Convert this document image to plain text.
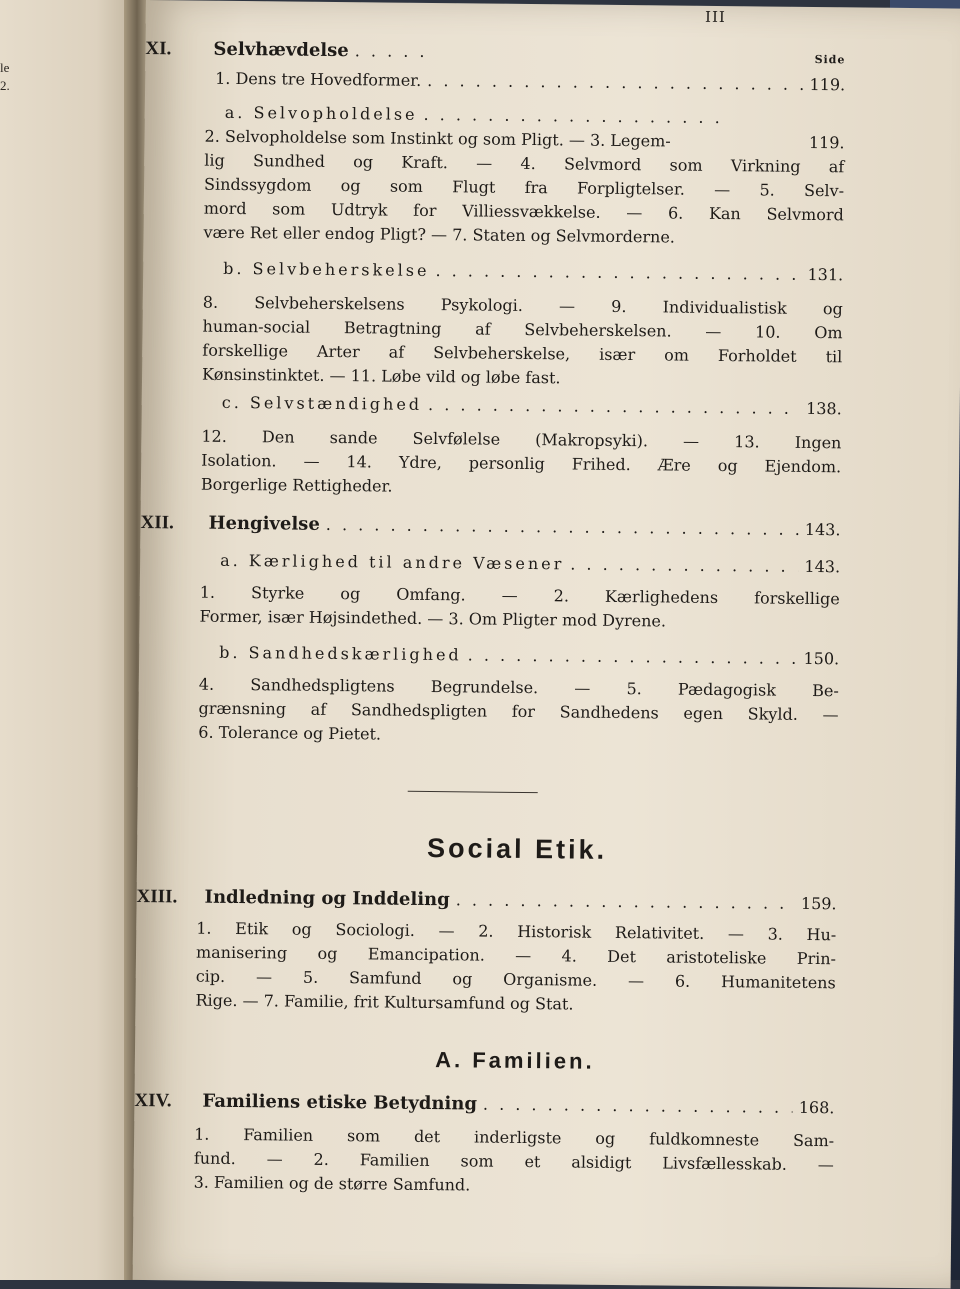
le
2.
III
XI. Selvhævdelse . . .	Side
1. Dens tre Hovedformer. . . .	119.
a. Selvopholdelse
. . .
2. Selvopholdelse som Instinkt og som Pligt. — 3. Legem- . . .	119.
lig Sundhed og Kraft. — 4. Selvmord som Virkning af
Sindssygdom og som Flugt fra Forpligtelser. — 5. Selv-
mord som Udtryk for Villiessvækkelse. — 6. Kan Selvmord
være Ret eller endog Pligt? — 7. Staten og Selvmorderne.
b. Selvbeherskelse . . .	131.
8. Selvbeherskelsens Psykologi. — 9. Individualistisk og
human-social Betragtning af Selvbeherskelsen. — 10. Om
forskellige Arter af Selvbeherskelse, især om Forholdet til
Kønsinstinktet. — 11. Løbe vild og løbe fast.
c. Selvstændighed . . .	138.
12. Den sande Selvfølelse (Makropsyki). — 13. Ingen
Isolation. — 14. Ydre, personlig Frihed. Ære og Ejendom.
Borgerlige Rettigheder.
XII. Hengivelse . . .	143.
a. Kærlighed til andre Væsener . . .	143.
1. Styrke og Omfang. — 2. Kærlighedens forskellige
Former, især Højsindethed. — 3. Om Pligter mod Dyrene.
b. Sandhedskærlighed . . .	150.
4. Sandhedspligtens Begrundelse. — 5. Pædagogisk Be-
grænsning af Sandhedspligten for Sandhedens egen Skyld. —
6. Tolerance og Pietet.
Social Etik.
XIII. Indledning og Inddeling . . .	159.
1. Etik og Sociologi. — 2. Historisk Relativitet. — 3. Hu-
manisering og Emancipation. — 4. Det aristoteliske Prin-
cip. — 5. Samfund og Organisme. — 6. Humanitetens
Rige. — 7. Familie, frit Kultursamfund og Stat.
A. Familien.
XIV. Familiens etiske Betydning . . .	168.
1. Familien som det inderligste og fuldkomneste Sam-
fund. — 2. Familien som et alsidigt Livsfællesskab. —
3. Familien og de større Samfund.
